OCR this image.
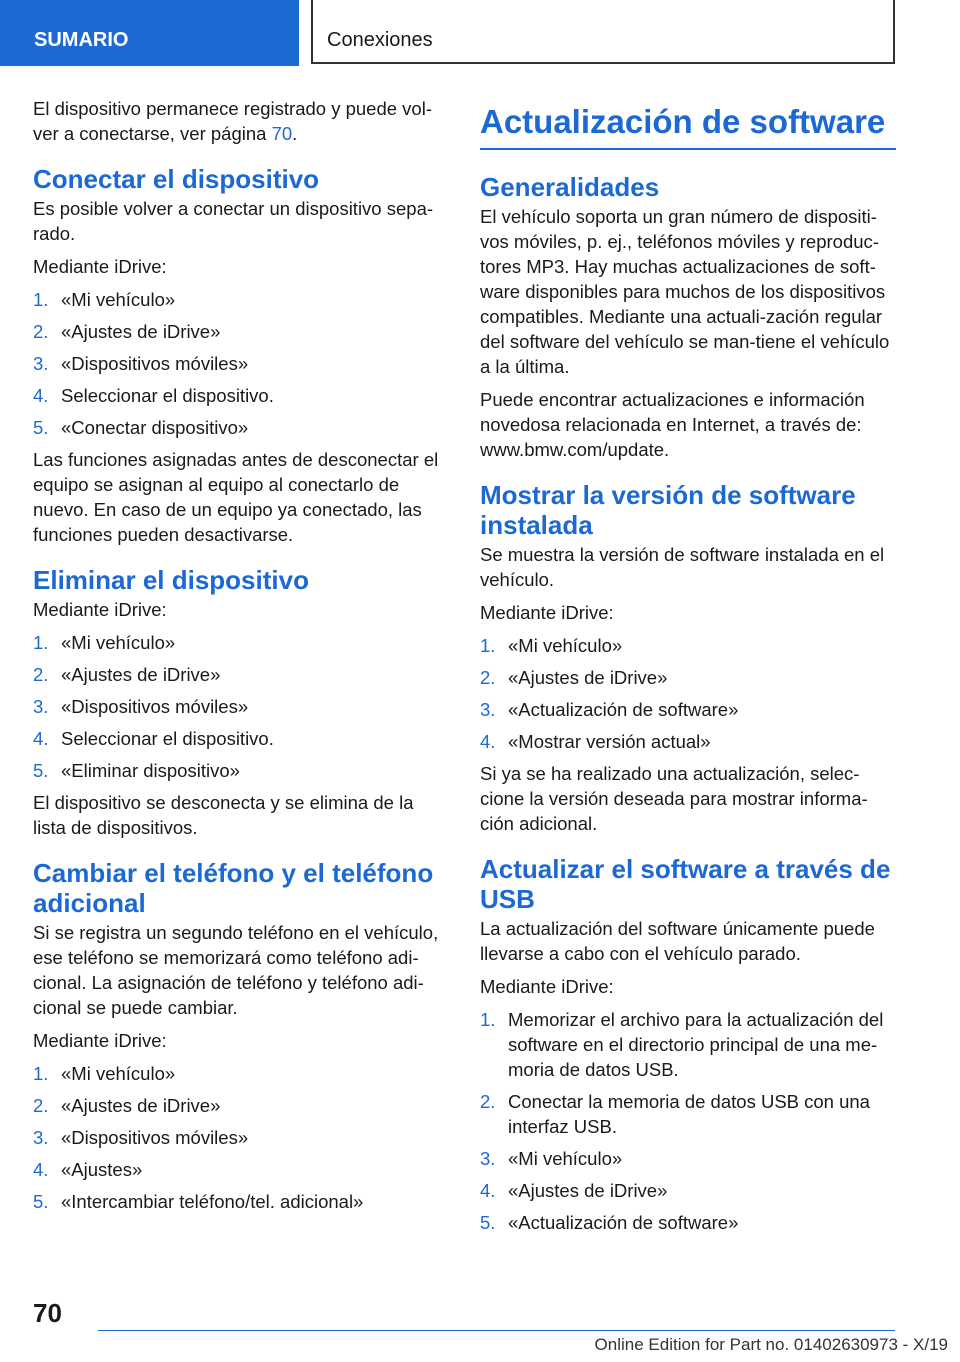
SUMARIO	Conexiones

El dispositivo permanece registrado y puede vol-ver a conectarse, ver página 70.

Conectar el dispositivo

Es posible volver a conectar un dispositivo sepa-rado.

Mediante iDrive:

1. «Mi vehículo»
2. «Ajustes de iDrive»
3. «Dispositivos móviles»
4. Seleccionar el dispositivo.
5. «Conectar dispositivo»

Las funciones asignadas antes de desconectar el equipo se asignan al equipo al conectarlo de nuevo. En caso de un equipo ya conectado, las funciones pueden desactivarse.

Eliminar el dispositivo

Mediante iDrive:

1. «Mi vehículo»
2. «Ajustes de iDrive»
3. «Dispositivos móviles»
4. Seleccionar el dispositivo.
5. «Eliminar dispositivo»

El dispositivo se desconecta y se elimina de la lista de dispositivos.

Cambiar el teléfono y el teléfono adicional

Si se registra un segundo teléfono en el vehículo, ese teléfono se memorizará como teléfono adi-cional. La asignación de teléfono y teléfono adi-cional se puede cambiar.

Mediante iDrive:

1. «Mi vehículo»
2. «Ajustes de iDrive»
3. «Dispositivos móviles»
4. «Ajustes»
5. «Intercambiar teléfono/tel. adicional»
Actualización de software
Generalidades

El vehículo soporta un gran número de dispositi-vos móviles, p. ej., teléfonos móviles y reproduc-tores MP3. Hay muchas actualizaciones de soft-ware disponibles para muchos de los dispositivos compatibles. Mediante una actuali-zación regular del software del vehículo se man-tiene el vehículo a la última.

Puede encontrar actualizaciones e información novedosa relacionada en Internet, a través de: www.bmw.com/update.

Mostrar la versión de software instalada

Se muestra la versión de software instalada en el vehículo.

Mediante iDrive:

1. «Mi vehículo»
2. «Ajustes de iDrive»
3. «Actualización de software»
4. «Mostrar versión actual»

Si ya se ha realizado una actualización, selec-cione la versión deseada para mostrar informa-ción adicional.

Actualizar el software a través de USB

La actualización del software únicamente puede llevarse a cabo con el vehículo parado.

Mediante iDrive:

1. Memorizar el archivo para la actualización del software en el directorio principal de una me-moria de datos USB.
2. Conectar la memoria de datos USB con una interfaz USB.
3. «Mi vehículo»
4. «Ajustes de iDrive»
5. «Actualización de software»
70
Online Edition for Part no. 01402630973 - X/19
